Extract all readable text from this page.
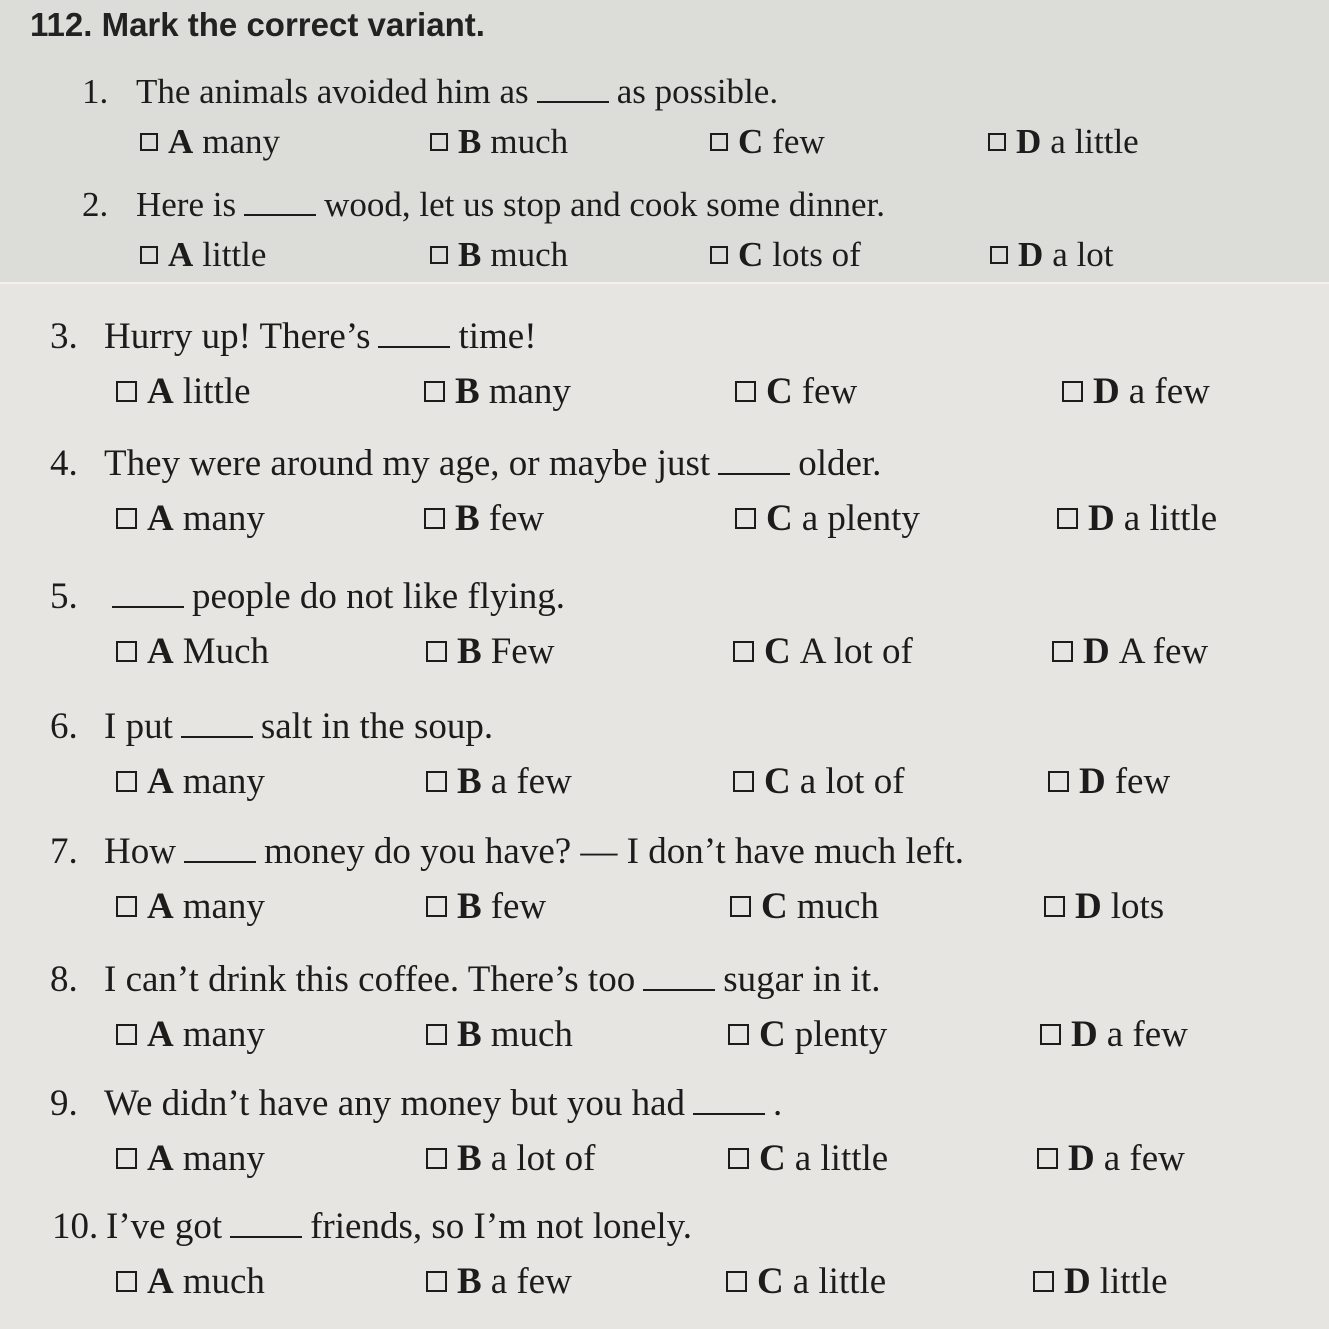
112. Mark the correct variant.
1. The animals avoided him as	as possible.
A many	B much	C few	D a little
2. Here is	wood, let us stop and cook some dinner.
A little	B much	C lots of	D a lot
3. Hurry up! There’s time!
A little	B many	C few	D a few
4. They were around my age, or maybe just older.
A many	B few	C a plenty	D a little
5.	people do not like flying.
A Much	B Few	C A lot of	D A few
6. I put salt in the soup.
A many	B a few	C a lot of	D few
7. How money do you have? — I don’t have much left.
A many	B few	C much	D lots
8. I can’t drink this coffee. There’s too sugar in it.
A many	B much	C plenty	D a few
9. We didn’t have any money but you had .
A many	B a lot of	C a little	D a few
10. I’ve got friends, so I’m not lonely.
A much	B a few	C a little	D little
